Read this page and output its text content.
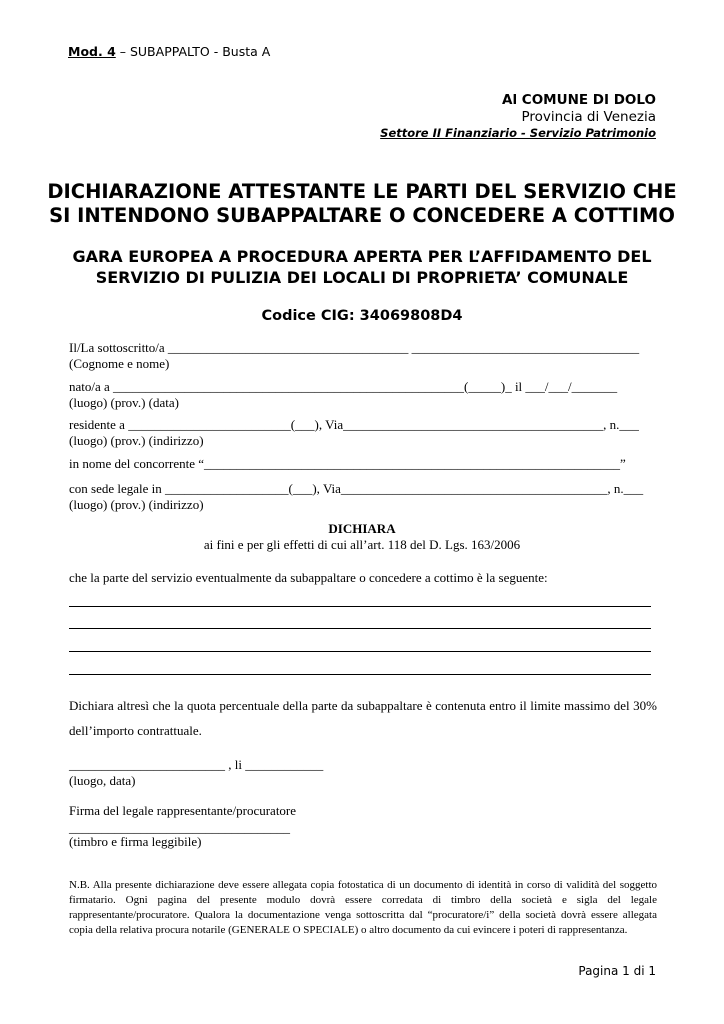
Mod. 4 – SUBAPPALTO - Busta A
Al COMUNE DI DOLO
Provincia di Venezia
Settore II Finanziario - Servizio Patrimonio
DICHIARAZIONE ATTESTANTE LE PARTI DEL SERVIZIO CHE
SI INTENDONO SUBAPPALTARE O CONCEDERE A COTTIMO
GARA EUROPEA A PROCEDURA APERTA PER L’AFFIDAMENTO DEL
SERVIZIO DI PULIZIA DEI LOCALI DI PROPRIETA’ COMUNALE
Codice CIG: 34069808D4
Il/La sottoscritto/a _____________________________________ ___________________________________
(Cognome e nome)
nato/a a ______________________________________________________(_____)_ il ___/___/_______
(luogo) (prov.) (data)
residente a _________________________(___), Via________________________________________, n.___
(luogo) (prov.) (indirizzo)
in nome del concorrente “________________________________________________________________”
con sede legale in ___________________(___), Via_________________________________________, n.___
(luogo) (prov.) (indirizzo)
DICHIARA
ai fini e per gli effetti di cui all’art. 118 del D. Lgs. 163/2006
che la parte del servizio eventualmente da subappaltare o concedere a cottimo è la seguente:
Dichiara altresì che la quota percentuale della parte da subappaltare è contenuta entro il limite massimo del 30% dell’importo contrattuale.
________________________ , li ____________
(luogo, data)
Firma del legale rappresentante/procuratore
__________________________________
(timbro e firma leggibile)
N.B. Alla presente dichiarazione deve essere allegata copia fotostatica di un documento di identità in corso di validità del soggetto firmatario. Ogni pagina del presente modulo dovrà essere corredata di timbro della società e sigla del legale rappresentante/procuratore. Qualora la documentazione venga sottoscritta dal “procuratore/i” della società dovrà essere allegata copia della relativa procura notarile (GENERALE O SPECIALE) o altro documento da cui evincere i poteri di rappresentanza.
Pagina 1 di 1
